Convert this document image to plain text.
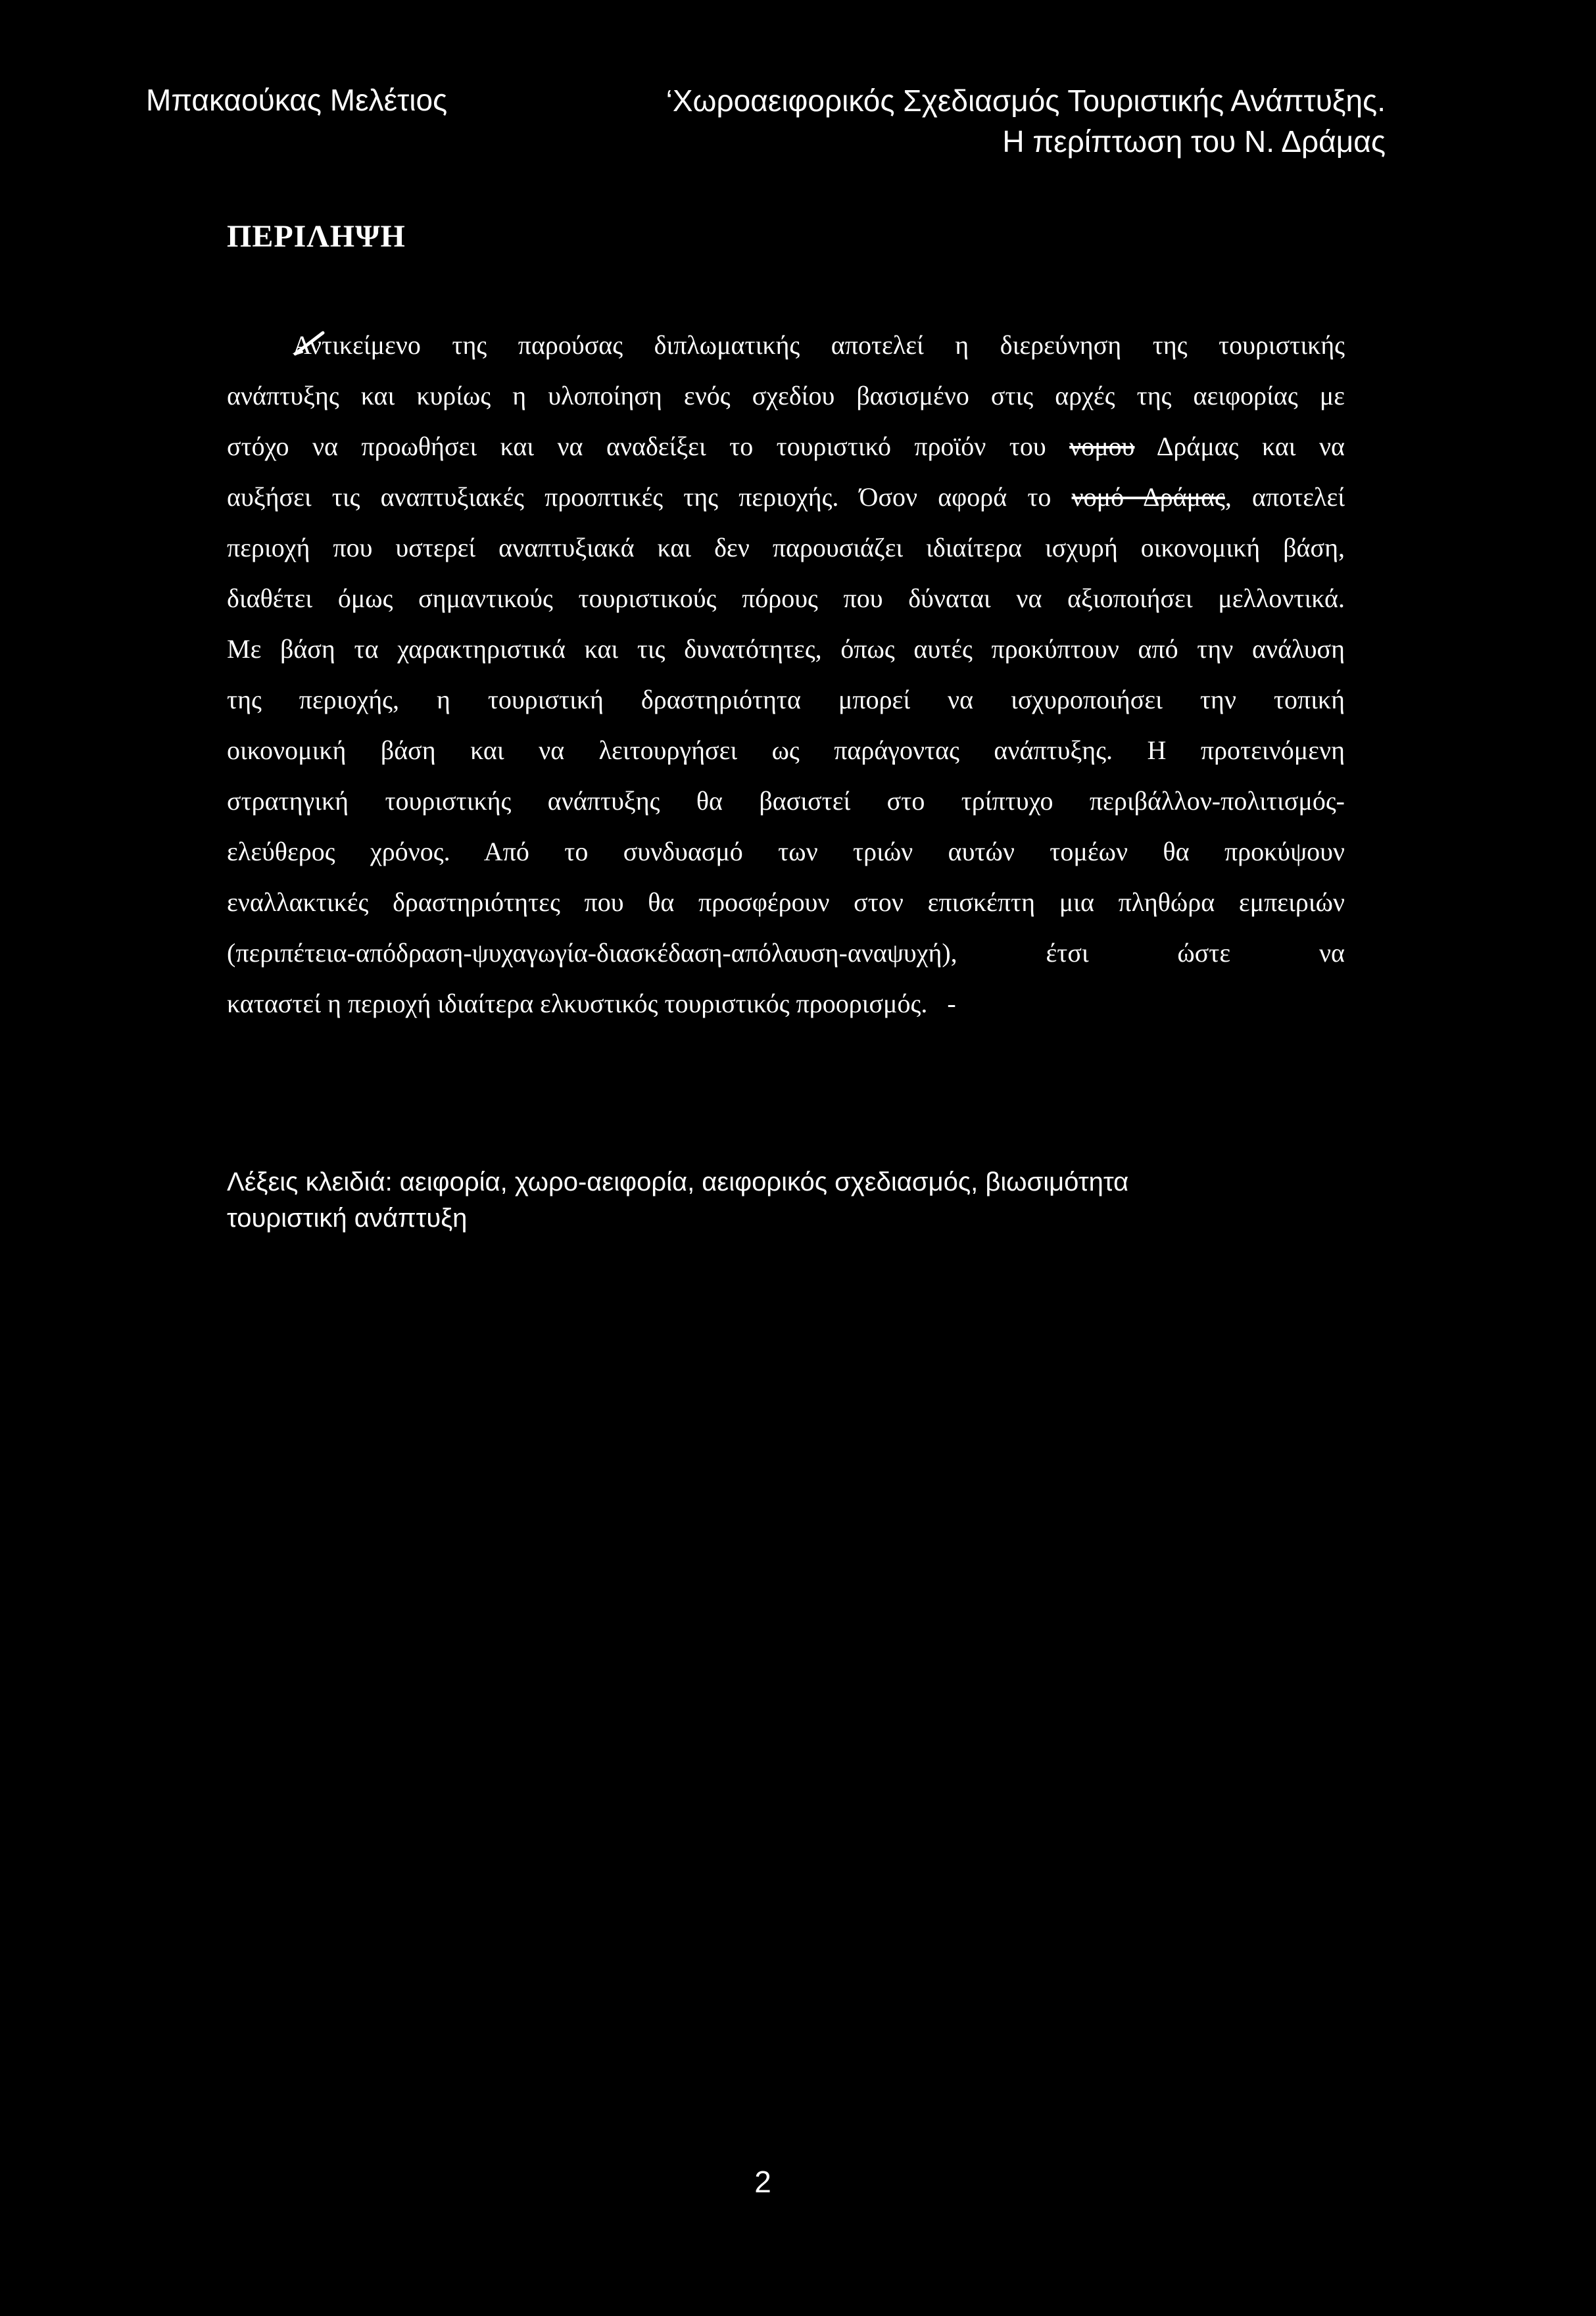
Μπακαούκας Μελέτιος	‘Χωροαειφορικός Σχεδιασμός Τουριστικής Ανάπτυξης.
Η περίπτωση του Ν. Δράμας
ΠΕΡΙΛΗΨΗ
Αντικείμενο της παρούσας διπλωματικής αποτελεί η διερεύνηση της τουριστικής
ανάπτυξης και κυρίως η υλοποίηση ενός σχεδίου βασισμένο στις αρχές της αειφορίας με
στόχο να προωθήσει και να αναδείξει το τουριστικό προϊόν του νομου Δράμας και να
αυξήσει τις αναπτυξιακές προοπτικές της περιοχής. Όσον αφορά το νομό Δράμας, αποτελεί
περιοχή που υστερεί αναπτυξιακά και δεν παρουσιάζει ιδιαίτερα ισχυρή οικονομική βάση,
διαθέτει όμως σημαντικούς τουριστικούς πόρους που δύναται να αξιοποιήσει μελλοντικά.
Με βάση τα χαρακτηριστικά και τις δυνατότητες, όπως αυτές προκύπτουν από την ανάλυση
της περιοχής, η τουριστική δραστηριότητα μπορεί να ισχυροποιήσει την τοπική
οικονομική βάση και να λειτουργήσει ως παράγοντας ανάπτυξης. Η προτεινόμενη
στρατηγική τουριστικής ανάπτυξης θα βασιστεί στο τρίπτυχο περιβάλλον-πολιτισμός-
ελεύθερος χρόνος. Από το συνδυασμό των τριών αυτών τομέων θα προκύψουν
εναλλακτικές δραστηριότητες που θα προσφέρουν στον επισκέπτη μια πληθώρα εμπειριών
(περιπέτεια-απόδραση-ψυχαγωγία-διασκέδαση-απόλαυση-αναψυχή), έτσι ώστε να
καταστεί η περιοχή ιδιαίτερα ελκυστικός τουριστικός προορισμός. -
Λέξεις κλειδιά: αειφορία, χωρο-αειφορία, αειφορικός σχεδιασμός, βιωσιμότητα
τουριστική ανάπτυξη
2
